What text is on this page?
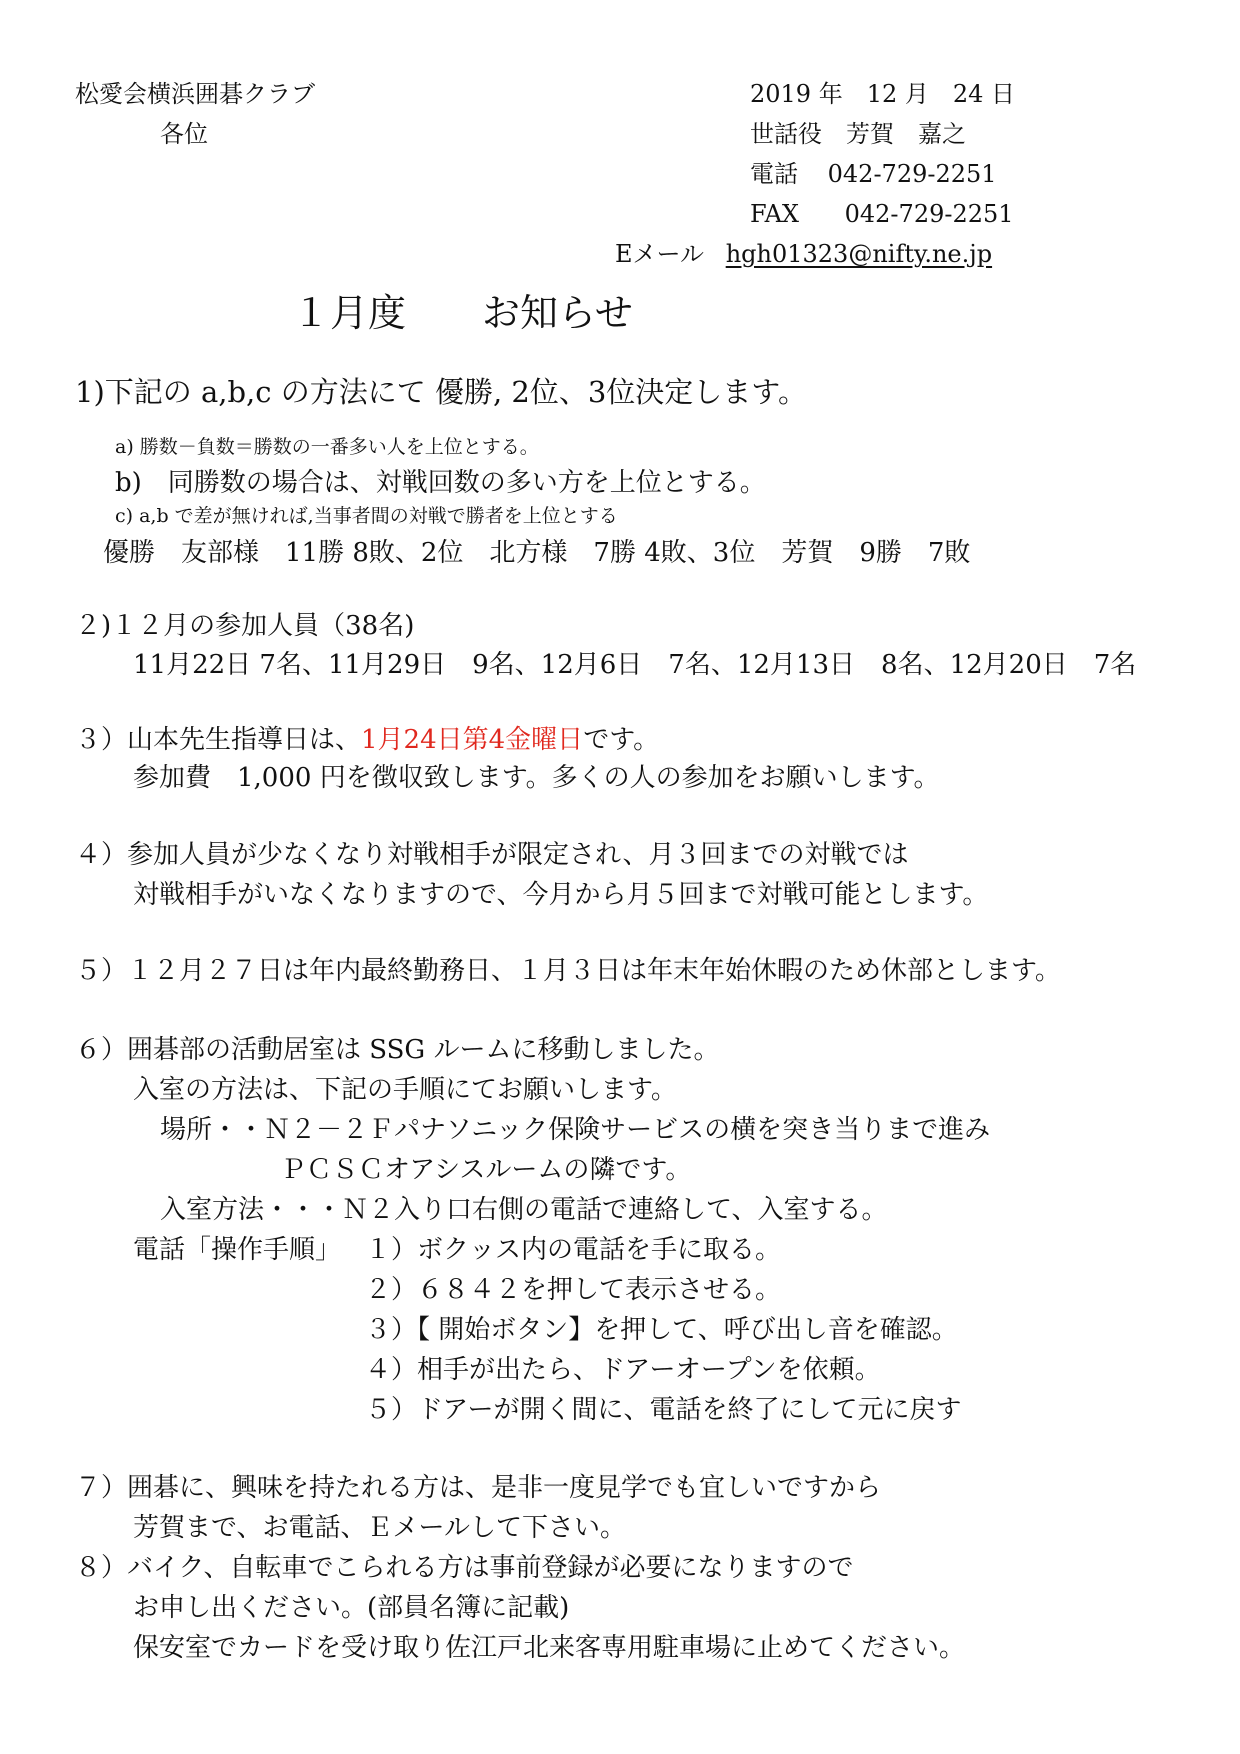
松愛会横浜囲碁クラブ
各位
2019 年　12 月　24 日
世話役　芳賀　嘉之
電話 042-729-2251
FAX 042-729-2251
Eメール hgh01323@nifty.ne.jp
１月度　　お知らせ
1)下記の a,b,c の方法にて 優勝, 2位、3位決定します。
a) 勝数－負数＝勝数の一番多い人を上位とする。
b)　同勝数の場合は、対戦回数の多い方を上位とする。
c) a,b で差が無ければ,当事者間の対戦で勝者を上位とする
優勝　友部様　11勝 8敗、2位　北方様　7勝 4敗、3位　芳賀　9勝　7敗
２)１２月の参加人員（38名)
11月22日 7名、11月29日　9名、12月6日　7名、12月13日　8名、12月20日　7名
３）山本先生指導日は、1月24日第4金曜日です。
参加費　1,000 円を徴収致します。多くの人の参加をお願いします。
４）参加人員が少なくなり対戦相手が限定され、月３回までの対戦では
対戦相手がいなくなりますので、今月から月５回まで対戦可能とします。
５）１２月２７日は年内最終勤務日、１月３日は年末年始休暇のため休部とします。
６）囲碁部の活動居室は SSG ルームに移動しました。
入室の方法は、下記の手順にてお願いします。
場所・・Ｎ２－２Ｆパナソニック保険サービスの横を突き当りまで進み
ＰＣＳＣオアシスルームの隣です。
入室方法・・・Ｎ２入り口右側の電話で連絡して、入室する。
電話「操作手順」 １）ボクッス内の電話を手に取る。
２）６８４２を押して表示させる。
３）【 開始ボタン】を押して、呼び出し音を確認。
４）相手が出たら、ドアーオープンを依頼。
５）ドアーが開く間に、電話を終了にして元に戻す
７）囲碁に、興味を持たれる方は、是非一度見学でも宜しいですから
芳賀まで、お電話、Ｅメールして下さい。
８）バイク、自転車でこられる方は事前登録が必要になりますので
お申し出ください。(部員名簿に記載)
保安室でカードを受け取り佐江戸北来客専用駐車場に止めてください。
